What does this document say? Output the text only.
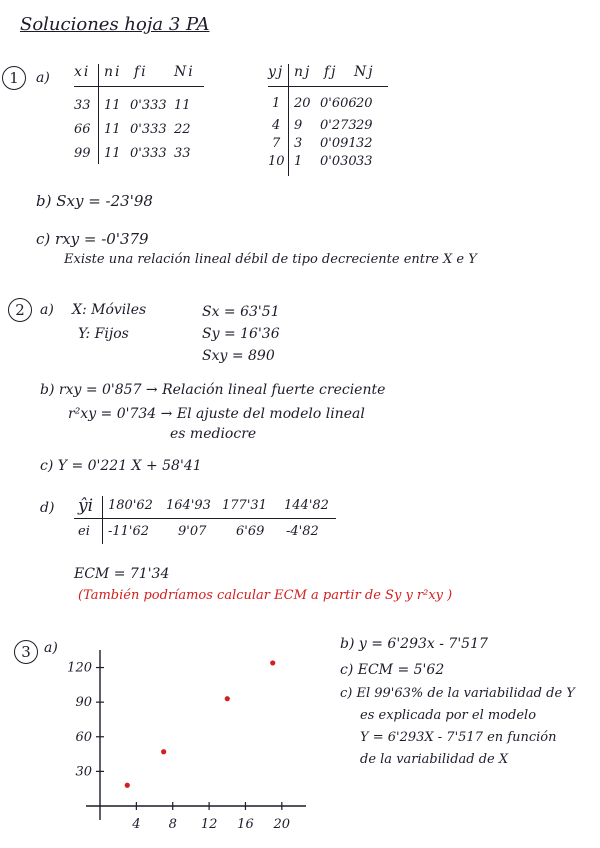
Soluciones hoja 3 PA
1	a) xi ni fi Ni
33 11 0'333 11
66 11 0'333 22
99 11 0'333 33
yj nj fj Nj
1 20 0'606 20
4 9 0'273 29
7 3 0'091 32
10 1 0'030 33
b) Sxy = -23'98
c) rxy = -0'379
Existe una relación lineal débil de tipo decreciente entre X e Y
2	a) X: Móviles
Y: Fijos
Sx = 63'51
Sy = 16'36
Sxy = 890
b) rxy = 0'857 → Relación lineal fuerte creciente
r²xy = 0'734 → El ajuste del modelo lineal
es mediocre
c) Y = 0'221 X + 58'41
d) ŷi 180'62 164'93 177'31 144'82
ei -11'62 9'07 6'69 -4'82
ECM = 71'34
(También podríamos calcular ECM a partir de Sy y r²xy )
3 a)
4 8 12 16 20
30
60
90
120
b) y = 6'293x - 7'517
c) ECM = 5'62
c) El 99'63% de la variabilidad de Y
es explicada por el modelo
Y = 6'293X - 7'517 en función
de la variabilidad de X
